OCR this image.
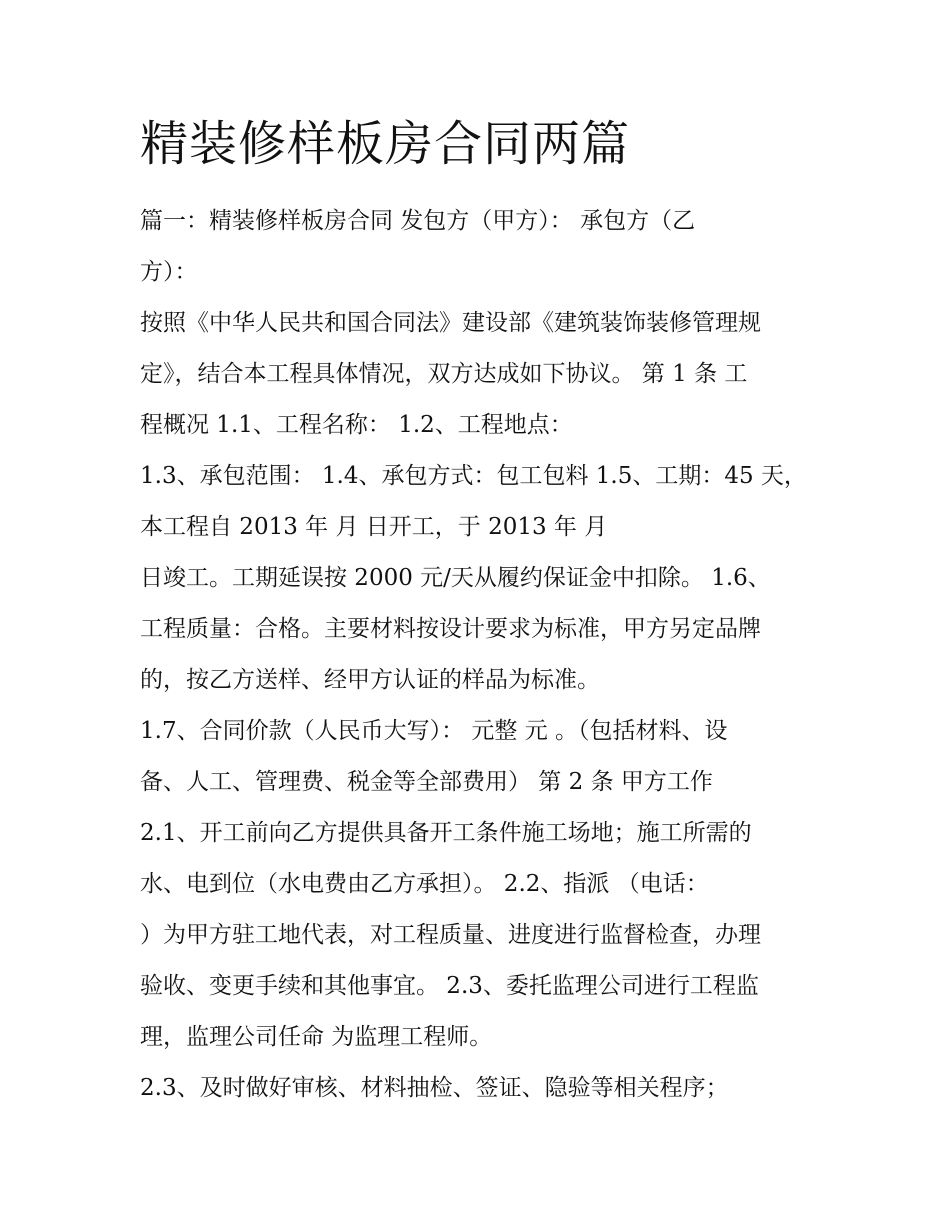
精装修样板房合同两篇
篇一：精装修样板房合同 发包方（甲方）： 承包方（乙
方）：
按照《中华人民共和国合同法》建设部《建筑装饰装修管理规
定》，结合本工程具体情况，双方达成如下协议。 第 1 条 工
程概况 1.1、工程名称： 1.2、工程地点：
1.3、承包范围： 1.4、承包方式：包工包料 1.5、工期：45 天，
本工程自 2013 年 月 日开工，于 2013 年 月
日竣工。工期延误按 2000 元/天从履约保证金中扣除。 1.6、
工程质量：合格。主要材料按设计要求为标准，甲方另定品牌
的，按乙方送样、经甲方认证的样品为标准。
1.7、合同价款（人民币大写）： 元整 元 。（包括材料、设
备、人工、管理费、税金等全部费用） 第 2 条 甲方工作
2.1、开工前向乙方提供具备开工条件施工场地；施工所需的
水、电到位（水电费由乙方承担）。 2.2、指派 （电话：
）为甲方驻工地代表，对工程质量、进度进行监督检查，办理
验收、变更手续和其他事宜。 2.3、委托监理公司进行工程监
理，监理公司任命 为监理工程师。
2.3、及时做好审核、材料抽检、签证、隐验等相关程序；
